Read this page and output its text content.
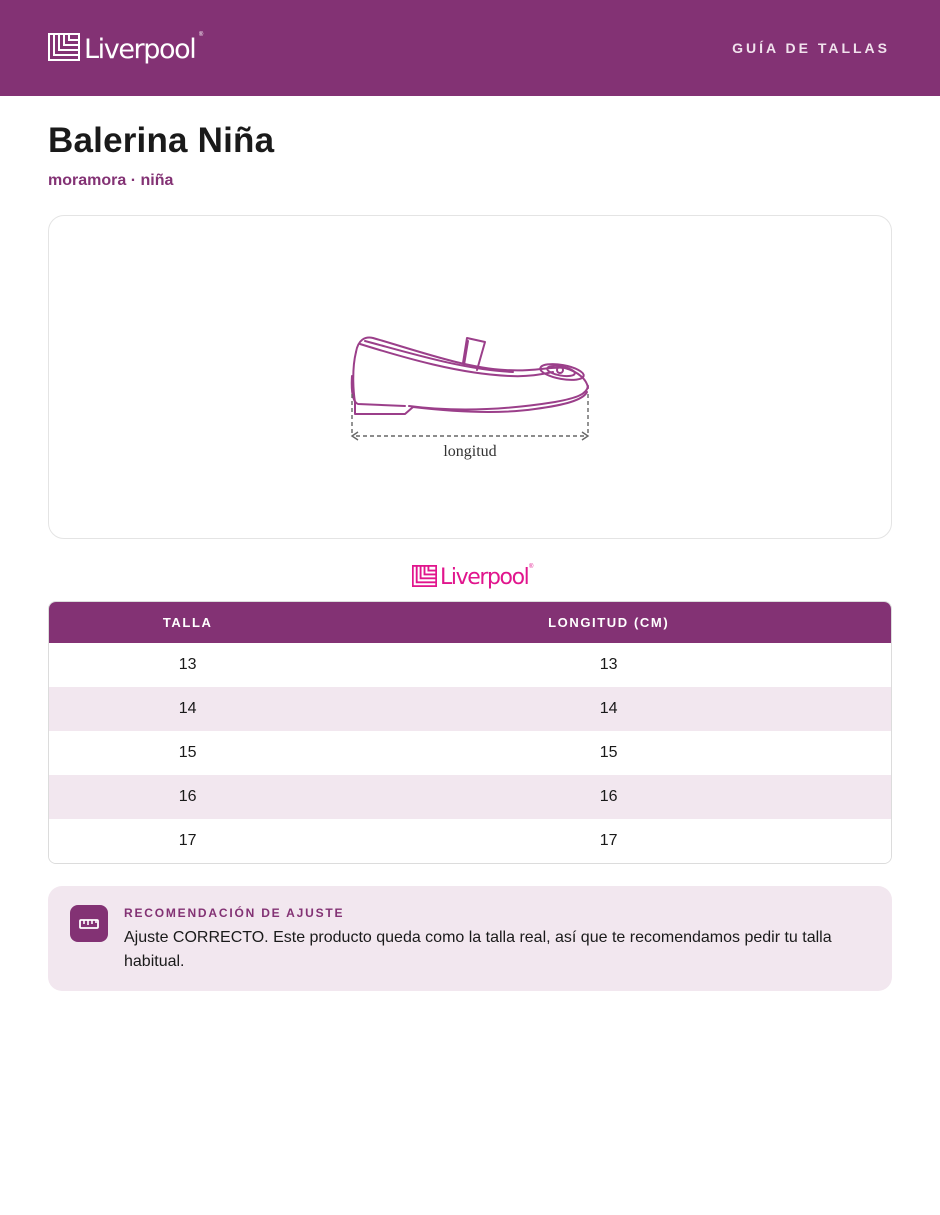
Liverpool ®
GUÍA DE TALLAS
Balerina Niña
moramora · niña
longitud
Liverpool ®
TALLA	LONGITUD (CM)
13	13
14	14
15	15
16	16
17	17
RECOMENDACIÓN DE AJUSTE
Ajuste CORRECTO. Este producto queda como la talla real, así que te recomendamos pedir tu talla habitual.
